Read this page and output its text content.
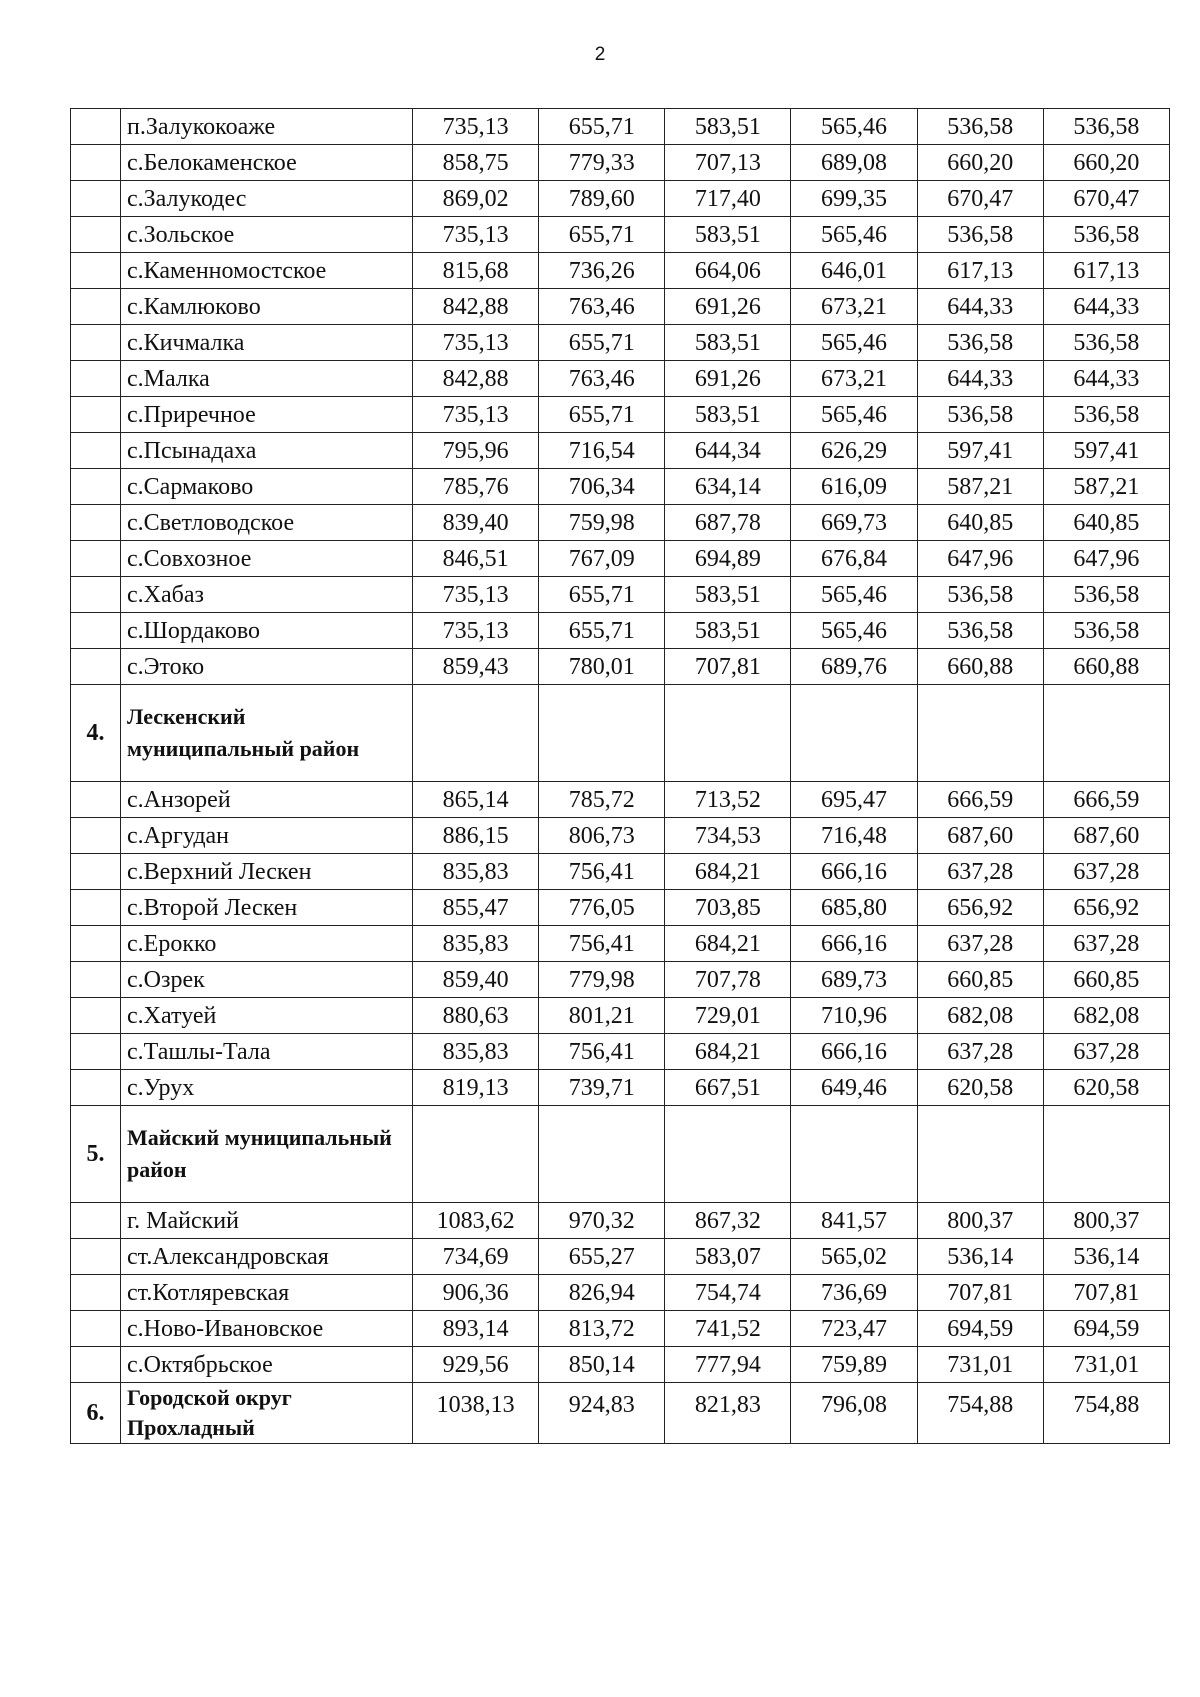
2
	п.Залукокоаже	735,13	655,71	583,51	565,46	536,58	536,58
	с.Белокаменское	858,75	779,33	707,13	689,08	660,20	660,20
	с.Залукодес	869,02	789,60	717,40	699,35	670,47	670,47
	с.Зольское	735,13	655,71	583,51	565,46	536,58	536,58
	с.Каменномостское	815,68	736,26	664,06	646,01	617,13	617,13
	с.Камлюково	842,88	763,46	691,26	673,21	644,33	644,33
	с.Кичмалка	735,13	655,71	583,51	565,46	536,58	536,58
	с.Малка	842,88	763,46	691,26	673,21	644,33	644,33
	с.Приречное	735,13	655,71	583,51	565,46	536,58	536,58
	с.Псынадаха	795,96	716,54	644,34	626,29	597,41	597,41
	с.Сармаково	785,76	706,34	634,14	616,09	587,21	587,21
	с.Светловодское	839,40	759,98	687,78	669,73	640,85	640,85
	с.Совхозное	846,51	767,09	694,89	676,84	647,96	647,96
	с.Хабаз	735,13	655,71	583,51	565,46	536,58	536,58
	с.Шордаково	735,13	655,71	583,51	565,46	536,58	536,58
	с.Этоко	859,43	780,01	707,81	689,76	660,88	660,88
4.	Лескенский муниципальный район						
	с.Анзорей	865,14	785,72	713,52	695,47	666,59	666,59
	с.Аргудан	886,15	806,73	734,53	716,48	687,60	687,60
	с.Верхний Лескен	835,83	756,41	684,21	666,16	637,28	637,28
	с.Второй Лескен	855,47	776,05	703,85	685,80	656,92	656,92
	с.Ерокко	835,83	756,41	684,21	666,16	637,28	637,28
	с.Озрек	859,40	779,98	707,78	689,73	660,85	660,85
	с.Хатуей	880,63	801,21	729,01	710,96	682,08	682,08
	с.Ташлы-Тала	835,83	756,41	684,21	666,16	637,28	637,28
	с.Урух	819,13	739,71	667,51	649,46	620,58	620,58
5.	Майский муниципальный район						
	г. Майский	1083,62	970,32	867,32	841,57	800,37	800,37
	ст.Александровская	734,69	655,27	583,07	565,02	536,14	536,14
	ст.Котляревская	906,36	826,94	754,74	736,69	707,81	707,81
	с.Ново-Ивановское	893,14	813,72	741,52	723,47	694,59	694,59
	с.Октябрьское	929,56	850,14	777,94	759,89	731,01	731,01
6.	Городской округ Прохладный	1038,13	924,83	821,83	796,08	754,88	754,88
